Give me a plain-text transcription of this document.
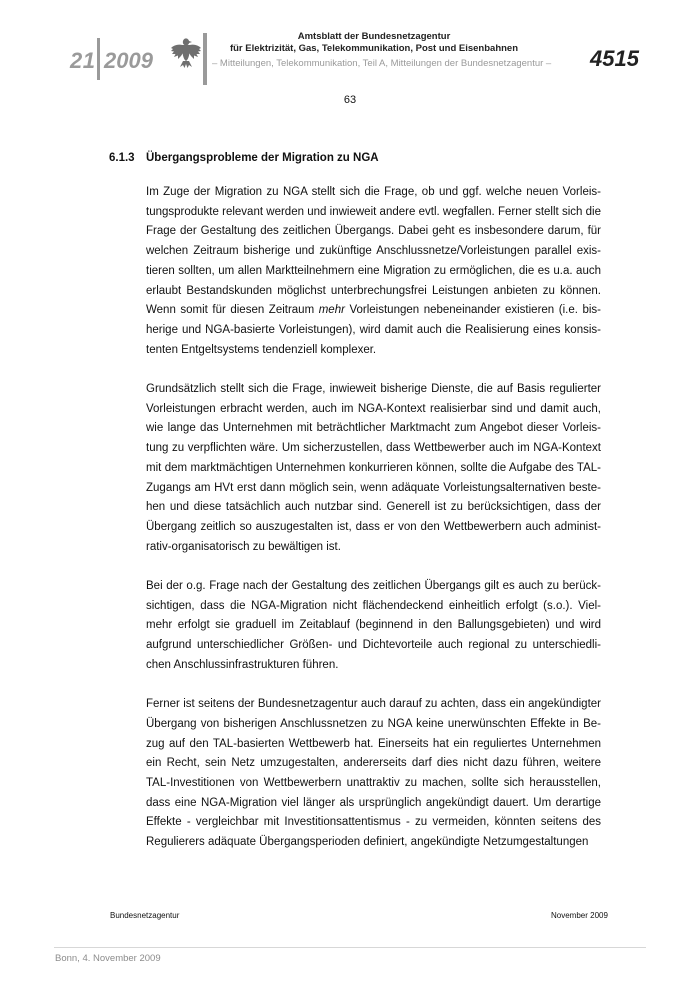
21 2009
Amtsblatt der Bundesnetzagentur
für Elektrizität, Gas, Telekommunikation, Post und Eisenbahnen
– Mitteilungen, Telekommunikation, Teil A, Mitteilungen der Bundesnetzagentur – 4515
63
6.1.3 Übergangsprobleme der Migration zu NGA

Im Zuge der Migration zu NGA stellt sich die Frage, ob und ggf. welche neuen Vorleistungsprodukte relevant werden und inwieweit andere evtl. wegfallen. Ferner stellt sich die Frage der Gestaltung des zeitlichen Übergangs. Dabei geht es insbesondere darum, für welchen Zeitraum bisherige und zukünftige Anschlussnetze/Vorleistungen parallel existieren sollten, um allen Marktteilnehmern eine Migration zu ermöglichen, die es u.a. auch erlaubt Bestandskunden möglichst unterbrechungsfrei Leistungen anbieten zu können. Wenn somit für diesen Zeitraum mehr Vorleistungen nebeneinander existieren (i.e. bisherige und NGA-basierte Vorleistungen), wird damit auch die Realisierung eines konsistenten Entgeltsystems tendenziell komplexer.

Grundsätzlich stellt sich die Frage, inwieweit bisherige Dienste, die auf Basis regulierter Vorleistungen erbracht werden, auch im NGA-Kontext realisierbar sind und damit auch, wie lange das Unternehmen mit beträchtlicher Marktmacht zum Angebot dieser Vorleistung zu verpflichten wäre. Um sicherzustellen, dass Wettbewerber auch im NGA-Kontext mit dem marktmächtigen Unternehmen konkurrieren können, sollte die Aufgabe des TAL-Zugangs am HVt erst dann möglich sein, wenn adäquate Vorleistungsalternativen bestehen und diese tatsächlich auch nutzbar sind. Generell ist zu berücksichtigen, dass der Übergang zeitlich so auszugestalten ist, dass er von den Wettbewerbern auch administrativ-organisatorisch zu bewältigen ist.

Bei der o.g. Frage nach der Gestaltung des zeitlichen Übergangs gilt es auch zu berücksichtigen, dass die NGA-Migration nicht flächendeckend einheitlich erfolgt (s.o.). Vielmehr erfolgt sie graduell im Zeitablauf (beginnend in den Ballungsgebieten) und wird aufgrund unterschiedlicher Größen- und Dichtevorteile auch regional zu unterschiedlichen Anschlussinfrastrukturen führen.

Ferner ist seitens der Bundesnetzagentur auch darauf zu achten, dass ein angekündigter Übergang von bisherigen Anschlussnetzen zu NGA keine unerwünschten Effekte in Bezug auf den TAL-basierten Wettbewerb hat. Einerseits hat ein reguliertes Unternehmen ein Recht, sein Netz umzugestalten, andererseits darf dies nicht dazu führen, weitere TAL-Investitionen von Wettbewerbern unattraktiv zu machen, sollte sich herausstellen, dass eine NGA-Migration viel länger als ursprünglich angekündigt dauert. Um derartige Effekte - vergleichbar mit Investitionsattentismus - zu vermeiden, könnten seitens des Regulierers adäquate Übergangsperioden definiert, angekündigte Netzumgestaltungen

Bundesnetzagentur	November 2009
Bonn, 4. November 2009
